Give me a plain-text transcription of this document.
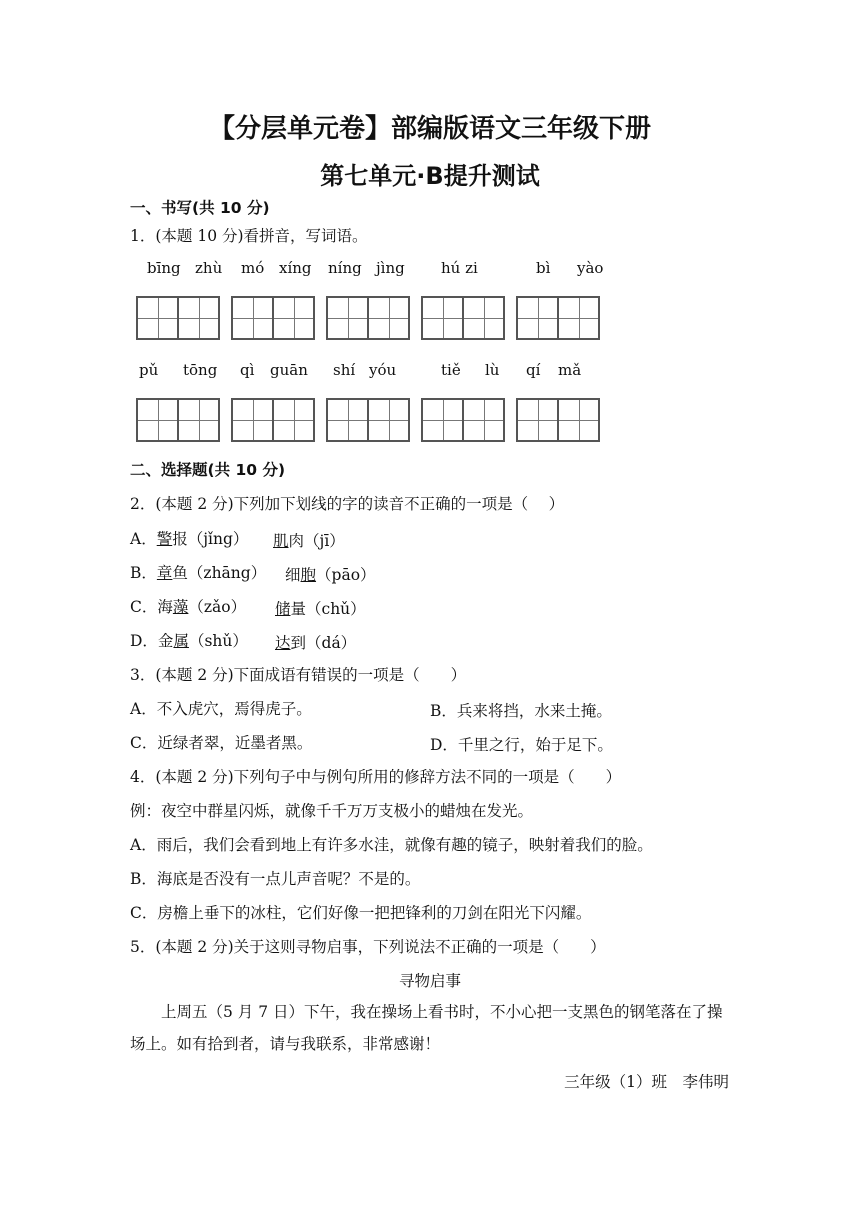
【分层单元卷】部编版语文三年级下册
第七单元·B提升测试
一、书写(共 10 分)
1．(本题 10 分)看拼音，写词语。
bīng zhù mó xíng níng jìng hú zi	bì yào
pǔ tōng qì guān shí yóu	tiě lù qí mǎ
二、选择题(共 10 分)
2．(本题 2 分)下列加下划线的字的读音不正确的一项是（　 ）
A．警报（jǐng） 肌肉（jī）
B．章鱼（zhāng） 细胞（pāo）
C．海藻（zǎo） 储量（chǔ）
D．金属（shǔ） 达到（dá）
3．(本题 2 分)下面成语有错误的一项是（　　）
A．不入虎穴，焉得虎子。	B．兵来将挡，水来土掩。
C．近绿者翠，近墨者黑。	D．千里之行，始于足下。
4．(本题 2 分)下列句子中与例句所用的修辞方法不同的一项是（　　）
例：夜空中群星闪烁，就像千千万万支极小的蜡烛在发光。
A．雨后，我们会看到地上有许多水洼，就像有趣的镜子，映射着我们的脸。
B．海底是否没有一点儿声音呢？不是的。
C．房檐上垂下的冰柱，它们好像一把把锋利的刀剑在阳光下闪耀。
5．(本题 2 分)关于这则寻物启事，下列说法不正确的一项是（　　）
寻物启事
上周五（5 月 7 日）下午，我在操场上看书时，不小心把一支黑色的钢笔落在了操场上。如有拾到者，请与我联系，非常感谢！
三年级（1）班　李伟明
